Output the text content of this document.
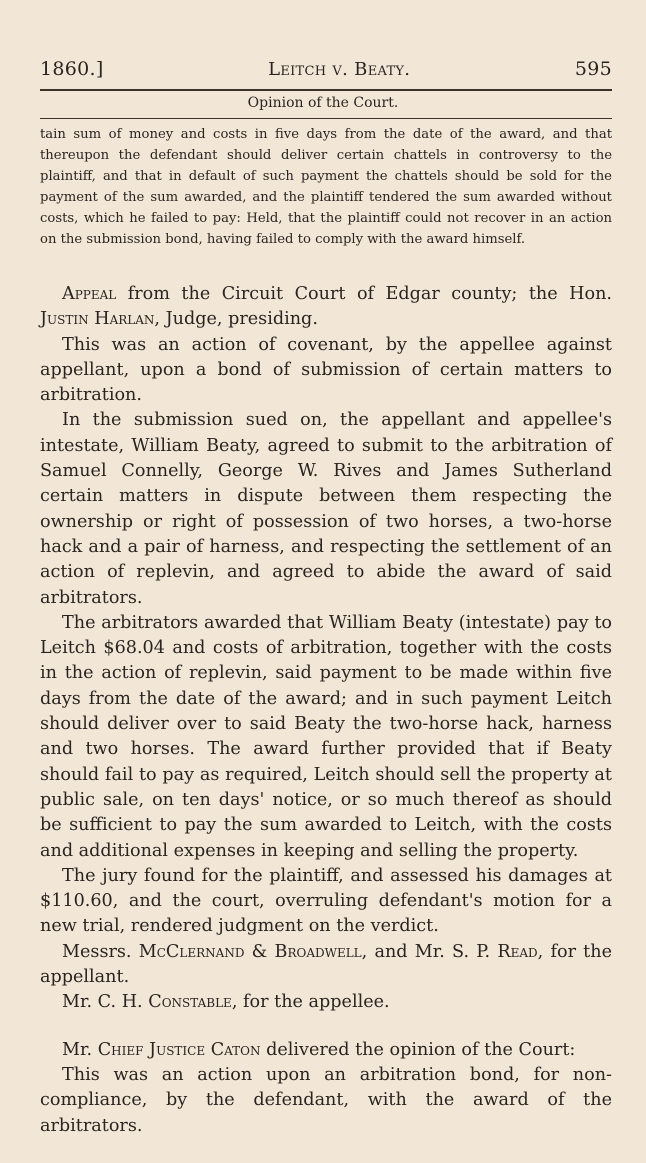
1860.]	Leitch v. Beaty.	595
Opinion of the Court.
tain sum of money and costs in five days from the date of the award, and that thereupon the defendant should deliver certain chattels in controversy to the plaintiff, and that in default of such payment the chattels should be sold for the payment of the sum awarded, and the plaintiff tendered the sum awarded without costs, which he failed to pay: Held, that the plaintiff could not recover in an action on the submission bond, having failed to comply with the award himself.

Appeal from the Circuit Court of Edgar county; the Hon. Justin Harlan, Judge, presiding.

This was an action of covenant, by the appellee against appellant, upon a bond of submission of certain matters to arbitration.

In the submission sued on, the appellant and appellee's intestate, William Beaty, agreed to submit to the arbitration of Samuel Connelly, George W. Rives and James Sutherland certain matters in dispute between them respecting the ownership or right of possession of two horses, a two-horse hack and a pair of harness, and respecting the settlement of an action of replevin, and agreed to abide the award of said arbitrators.

The arbitrators awarded that William Beaty (intestate) pay to Leitch $68.04 and costs of arbitration, together with the costs in the action of replevin, said payment to be made within five days from the date of the award; and in such payment Leitch should deliver over to said Beaty the two-horse hack, harness and two horses. The award further provided that if Beaty should fail to pay as required, Leitch should sell the property at public sale, on ten days' notice, or so much thereof as should be sufficient to pay the sum awarded to Leitch, with the costs and additional expenses in keeping and selling the property.

The jury found for the plaintiff, and assessed his damages at $110.60, and the court, overruling defendant's motion for a new trial, rendered judgment on the verdict.

Messrs. McClernand & Broadwell, and Mr. S. P. Read, for the appellant.

Mr. C. H. Constable, for the appellee.

Mr. Chief Justice Caton delivered the opinion of the Court:

This was an action upon an arbitration bond, for non-compliance, by the defendant, with the award of the arbitrators.
